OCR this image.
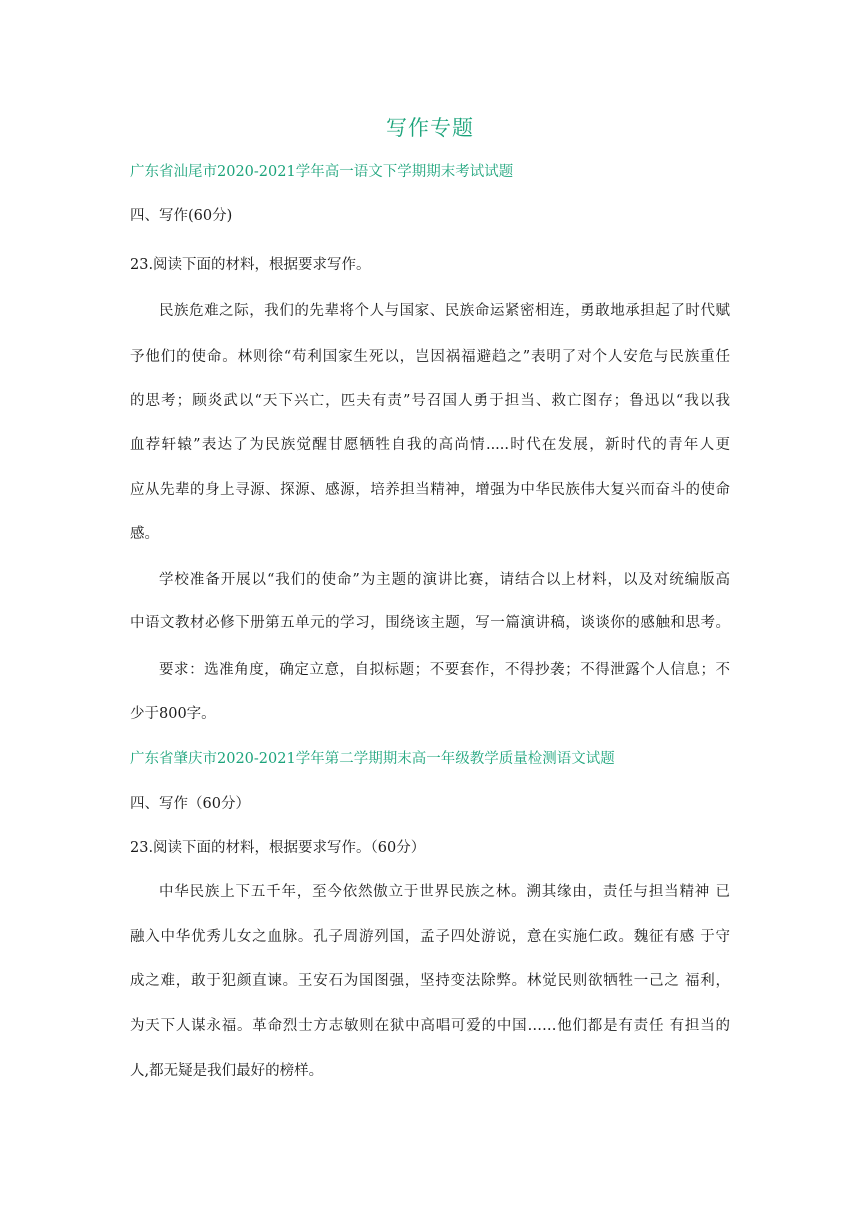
写作专题
广东省汕尾市2020-2021学年高一语文下学期期末考试试题
四、写作(60分)
23.阅读下面的材料，根据要求写作。
民族危难之际，我们的先辈将个人与国家、民族命运紧密相连，勇敢地承担起了时代赋
予他们的使命。林则徐“苟利国家生死以，岂因祸福避趋之”表明了对个人安危与民族重任
的思考；顾炎武以“天下兴亡，匹夫有责”号召国人勇于担当、救亡图存；鲁迅以“我以我
血荐轩辕”表达了为民族觉醒甘愿牺牲自我的高尚情.....时代在发展，新时代的青年人更
应从先辈的身上寻源、探源、感源，培养担当精神，增强为中华民族伟大复兴而奋斗的使命
感。
学校准备开展以“我们的使命”为主题的演讲比赛，请结合以上材料，以及对统编版高
中语文教材必修下册第五单元的学习，围绕该主题，写一篇演讲稿，谈谈你的感触和思考。
要求：选准角度，确定立意，自拟标题；不要套作，不得抄袭；不得泄露个人信息；不
少于800字。
广东省肇庆市2020-2021学年第二学期期末高一年级教学质量检测语文试题
四、写作（60分）
23.阅读下面的材料，根据要求写作。（60分）
中华民族上下五千年，至今依然傲立于世界民族之林。溯其缘由，责任与担当精神 已
融入中华优秀儿女之血脉。孔子周游列国，孟子四处游说，意在实施仁政。魏征有感 于守
成之难，敢于犯颜直谏。王安石为国图强，坚持变法除弊。林觉民则欲牺牲一己之 福利，
为天下人谋永福。革命烈士方志敏则在狱中高唱可爱的中国……他们都是有责任 有担当的
人,都无疑是我们最好的榜样。
